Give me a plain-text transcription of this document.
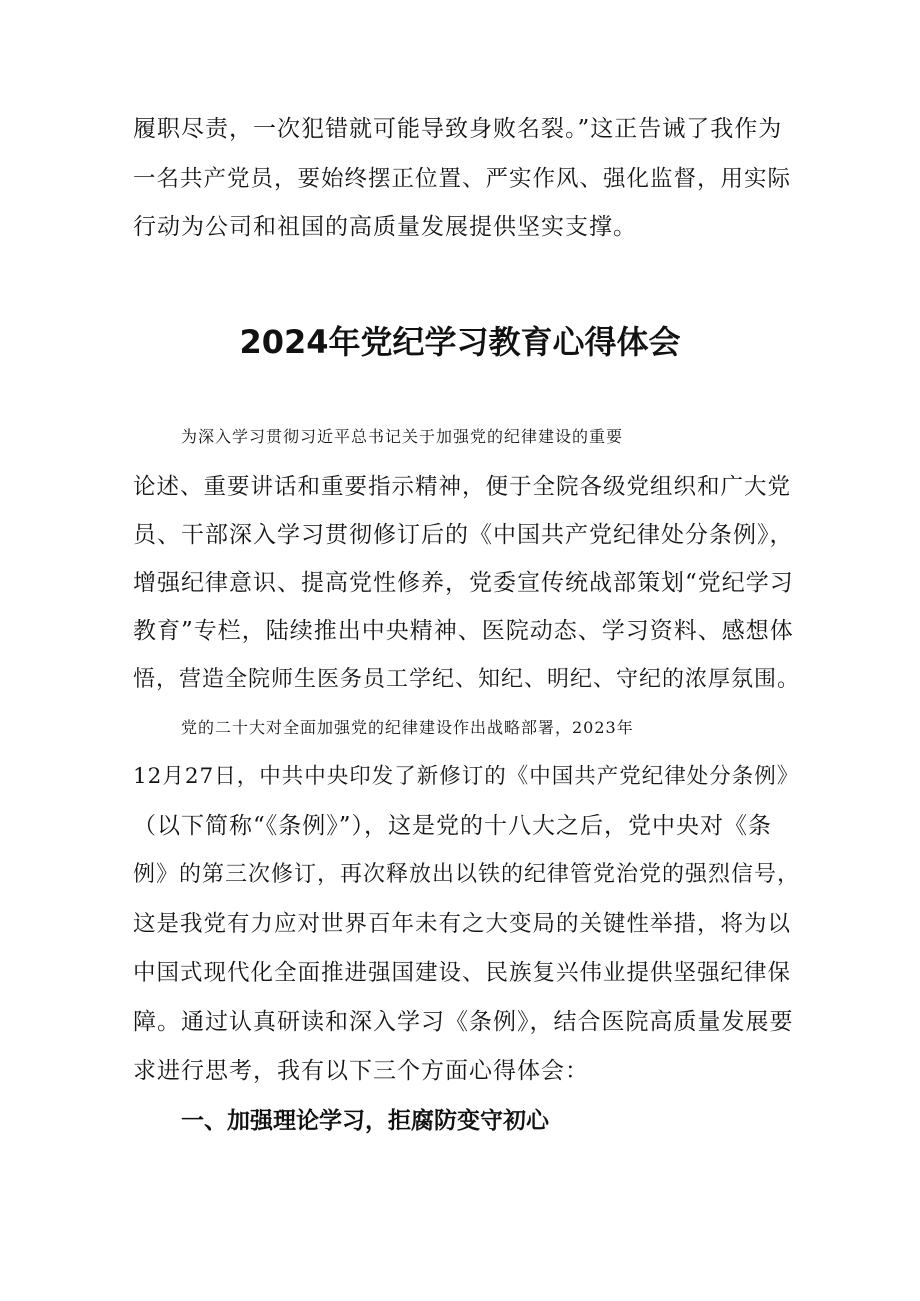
履职尽责，一次犯错就可能导致身败名裂。”这正告诫了我作为
一名共产党员，要始终摆正位置、严实作风、强化监督，用实际
行动为公司和祖国的高质量发展提供坚实支撑。
2024年党纪学习教育心得体会
为深入学习贯彻习近平总书记关于加强党的纪律建设的重要
论述、重要讲话和重要指示精神，便于全院各级党组织和广大党
员、干部深入学习贯彻修订后的《中国共产党纪律处分条例》，
增强纪律意识、提高党性修养，党委宣传统战部策划“党纪学习
教育”专栏，陆续推出中央精神、医院动态、学习资料、感想体
悟，营造全院师生医务员工学纪、知纪、明纪、守纪的浓厚氛围。
党的二十大对全面加强党的纪律建设作出战略部署，2023年
12月27日，中共中央印发了新修订的《中国共产党纪律处分条例》
（以下简称“《条例》”），这是党的十八大之后，党中央对《条
例》的第三次修订，再次释放出以铁的纪律管党治党的强烈信号，
这是我党有力应对世界百年未有之大变局的关键性举措，将为以
中国式现代化全面推进强国建设、民族复兴伟业提供坚强纪律保
障。通过认真研读和深入学习《条例》，结合医院高质量发展要
求进行思考，我有以下三个方面心得体会：
一、加强理论学习，拒腐防变守初心
